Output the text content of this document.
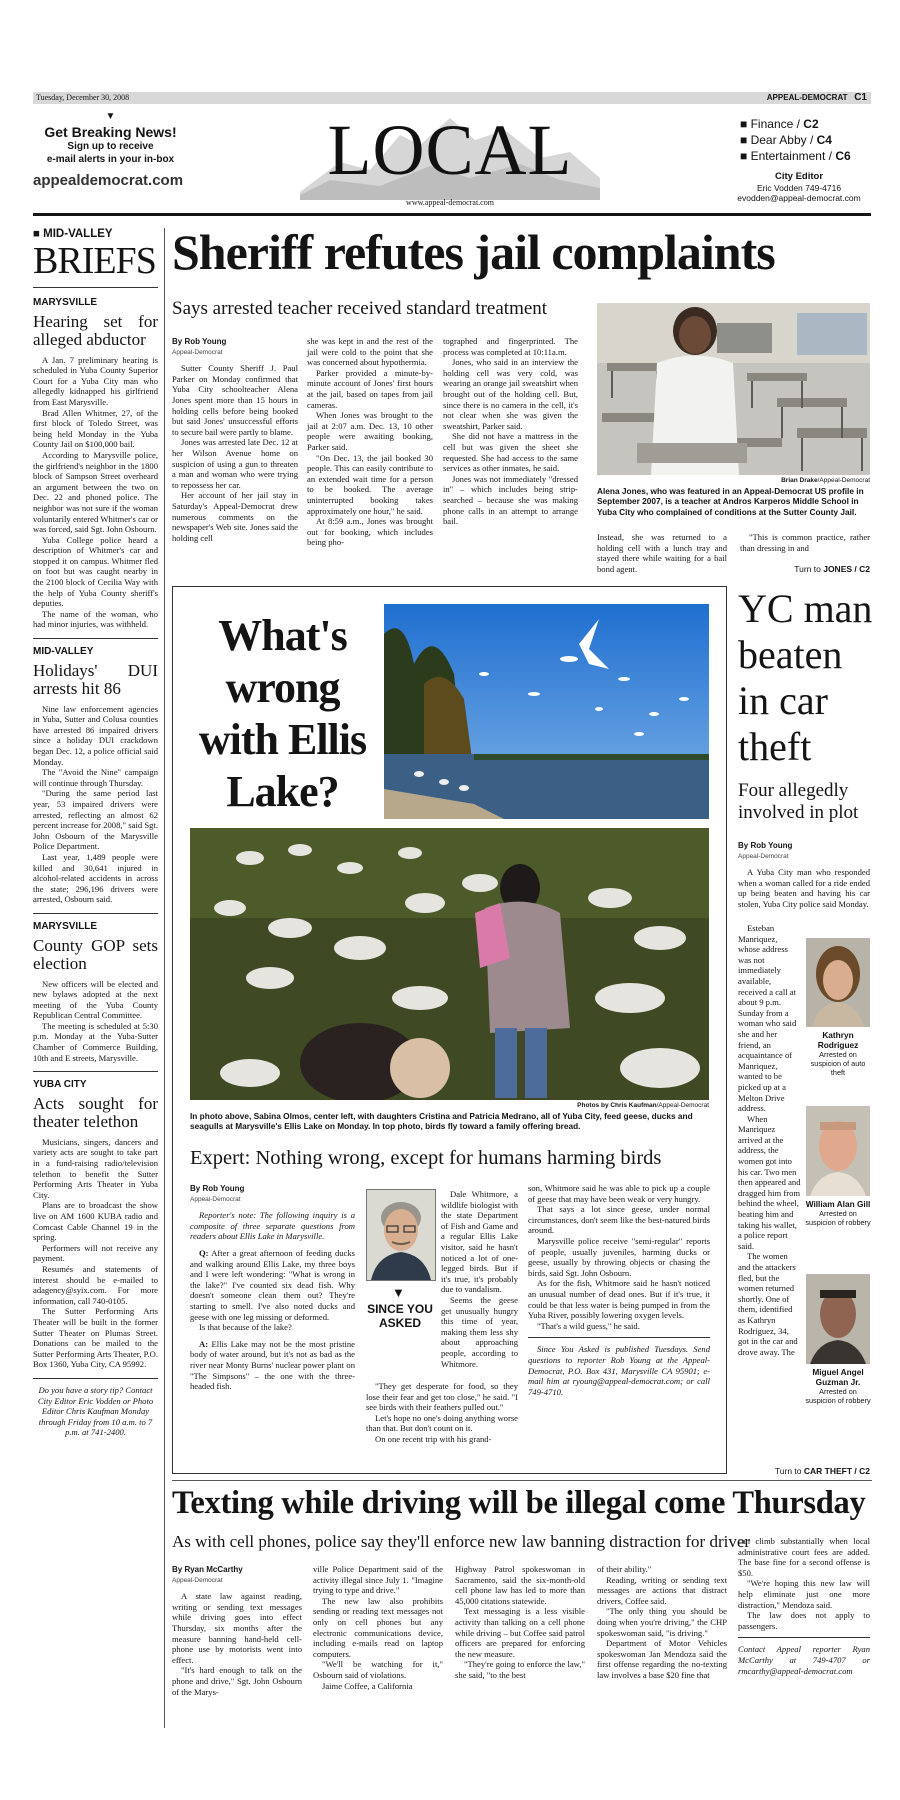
Tuesday, December 30, 2008	APPEAL-DEMOCRAT C1
▼
Get Breaking News!
Sign up to receive
e-mail alerts in your in-box
appealdemocrat.com	LOCAL
www.appeal-democrat.com
■ Finance / C2
■ Dear Abby / C4
■ Entertainment / C6
City Editor
Eric Vodden 749-4716
evodden@appeal-democrat.com
■ MID-VALLEY
BRIEFS
MARYSVILLE
Hearing set for alleged abductor

A Jan. 7 preliminary hearing is scheduled in Yuba County Superior Court for a Yuba City man who allegedly kidnapped his girlfriend from East Marysville.

Brad Allen Whitmer, 27, of the first block of Toledo Street, was being held Monday in the Yuba County Jail on $100,000 bail.

According to Marysville police, the girlfriend's neighbor in the 1800 block of Sampson Street overheard an argument between the two on Dec. 22 and phoned police. The neighbor was not sure if the woman voluntarily entered Whitmer's car or was forced, said Sgt. John Osbourn.

Yuba College police heard a description of Whitmer's car and stopped it on campus. Whitmer fled on foot but was caught nearby in the 2100 block of Cecilia Way with the help of Yuba County sheriff's deputies.

The name of the woman, who had minor injuries, was withheld.

MID-VALLEY
Holidays' DUI arrests hit 86

Nine law enforcement agencies in Yuba, Sutter and Colusa counties have arrested 86 impaired drivers since a holiday DUI crackdown began Dec. 12, a police official said Monday.

The "Avoid the Nine" campaign will continue through Thursday.

"During the same period last year, 53 impaired drivers were arrested, reflecting an almost 62 percent increase for 2008," said Sgt. John Osbourn of the Marysville Police Department.

Last year, 1,489 people were killed and 30,641 injured in alcohol-related accidents in across the state; 296,196 drivers were arrested, Osbourn said.

MARYSVILLE
County GOP sets election

New officers will be elected and new bylaws adopted at the next meeting of the Yuba County Republican Central Committee.

The meeting is scheduled at 5:30 p.m. Monday at the Yuba-Sutter Chamber of Commerce Building, 10th and E streets, Marysville.

YUBA CITY
Acts sought for theater telethon

Musicians, singers, dancers and variety acts are sought to take part in a fund-raising radio/television telethon to benefit the Sutter Performing Arts Theater in Yuba City.

Plans are to broadcast the show live on AM 1600 KUBA radio and Comcast Cable Channel 19 in the spring.

Performers will not receive any payment.

Resumés and statements of interest should be e-mailed to adagency@syix.com. For more information, call 740-0105.

The Sutter Performing Arts Theater will be built in the former Sutter Theater on Plumas Street. Donations can be mailed to the Sutter Performing Arts Theater, P.O. Box 1360, Yuba City, CA 95992.

Do you have a story tip? Contact City Editor Eric Vodden or Photo Editor Chris Kaufman Monday through Friday from 10 a.m. to 7 p.m. at 741-2400.
Sheriff refutes jail complaints
Says arrested teacher received standard treatment
By Rob Young
Appeal-Democrat

Sutter County Sheriff J. Paul Parker on Monday confirmed that Yuba City schoolteacher Alena Jones spent more than 15 hours in holding cells before being booked but said Jones' unsuccessful efforts to secure bail were partly to blame.

Jones was arrested late Dec. 12 at her Wilson Avenue home on suspicion of using a gun to threaten a man and woman who were trying to repossess her car.

Her account of her jail stay in Saturday's Appeal-Democrat drew numerous comments on the newspaper's Web site. Jones said the holding cell

she was kept in and the rest of the jail were cold to the point that she was concerned about hypothermia.

Parker provided a minute-by-minute account of Jones' first hours at the jail, based on tapes from jail cameras.

When Jones was brought to the jail at 2:07 a.m. Dec. 13, 10 other people were awaiting booking, Parker said.

"On Dec. 13, the jail booked 30 people. This can easily contribute to an extended wait time for a person to be booked. The average uninterrupted booking takes approximately one hour," he said.

At 8:59 a.m., Jones was brought out for booking, which includes being pho-

tographed and fingerprinted. The process was completed at 10:11a.m.

Jones, who said in an interview the holding cell was very cold, was wearing an orange jail sweatshirt when brought out of the holding cell. But, since there is no camera in the cell, it's not clear when she was given the sweatshirt, Parker said.

She did not have a mattress in the cell but was given the sheet she requested. She had access to the same services as other inmates, he said.

Jones was not immediately "dressed in" – which includes being strip-searched – because she was making phone calls in an attempt to arrange bail.

Brian Drake/Appeal-Democrat
Alena Jones, who was featured in an Appeal-Democrat US profile in September 2007, is a teacher at Andros Karperos Middle School in Yuba City who complained of conditions at the Sutter County Jail.

Instead, she was returned to a holding cell with a lunch tray and stayed there while waiting for a bail bond agent.

"This is common practice, rather than dressing in and

Turn to JONES / C2
What's wrong with Ellis Lake?
Photos by Chris Kaufman/Appeal-Democrat
In photo above, Sabina Olmos, center left, with daughters Cristina and Patricia Medrano, all of Yuba City, feed geese, ducks and seagulls at Marysville's Ellis Lake on Monday. In top photo, birds fly toward a family offering bread.
Expert: Nothing wrong, except for humans harming birds
By Rob Young
Appeal-Democrat

Reporter's note: The following inquiry is a composite of three separate questions from readers about Ellis Lake in Marysville.

Q: After a great afternoon of feeding ducks and walking around Ellis Lake, my three boys and I were left wondering: "What is wrong in the lake?" I've counted six dead fish. Why doesn't someone clean them out? They're starting to smell. I've also noted ducks and geese with one leg missing or deformed.

Is that because of the lake?

A: Ellis Lake may not be the most pristine body of water around, but it's not as bad as the river near Monty Burns' nuclear power plant on "The Simpsons" – the one with the three-headed fish.

▼
SINCE YOU ASKED

Dale Whitmore, a wildlife biologist with the state Department of Fish and Game and a regular Ellis Lake visitor, said he hasn't noticed a lot of one-legged birds. But if it's true, it's probably due to vandalism.

Seems the geese get unusually hungry this time of year, making them less shy about approaching people, according to Whitmore.

"They get desperate for food, so they lose their fear and get too close," he said. "I see birds with their feathers pulled out."

Let's hope no one's doing anything worse than that. But don't count on it.

On one recent trip with his grand-

son, Whitmore said he was able to pick up a couple of geese that may have been weak or very hungry.

That says a lot since geese, under normal circumstances, don't seem like the best-natured birds around.

Marysville police receive "semi-regular" reports of people, usually juveniles, harming ducks or geese, usually by throwing objects or chasing the birds, said Sgt. John Osbourn.

As for the fish, Whitmore said he hasn't noticed an unusual number of dead ones. But if it's true, it could be that less water is being pumped in from the Yuba River, possibly lowering oxygen levels.

"That's a wild guess," he said.

Since You Asked is published Tuesdays. Send questions to reporter Rob Young at the Appeal-Democrat, P.O. Box 431, Marysville CA 95901; e-mail him at ryoung@appeal-democrat.com; or call 749-4710.

YC man beaten in car theft
Four allegedly involved in plot
By Rob Young
Appeal-Democrat

A Yuba City man who responded when a woman called for a ride ended up being beaten and having his car stolen, Yuba City police said Monday.

Esteban Manriquez, whose address was not immediately available, received a call at about 9 p.m. Sunday from a woman who said she and her friend, an acquaintance of Manriquez, wanted to be picked up at a Melton Drive address.

When Manriquez arrived at the address, the women got into his car. Two men then appeared and dragged him from behind the wheel, beating him and taking his wallet, a police report said.

The women and the attackers fled, but the women returned shortly. One of them, identified as Kathryn Rodriguez, 34, got in the car and drove away. The

Kathryn Rodriguez
Arrested on suspicion of auto theft
William Alan Gill
Arrested on suspicion of robbery
Miguel Angel Guzman Jr.
Arrested on suspicion of robbery
Turn to CAR THEFT / C2
Texting while driving will be illegal come Thursday
As with cell phones, police say they'll enforce new law banning distraction for driver
By Ryan McCarthy
Appeal-Democrat

A state law against reading, writing or sending text messages while driving goes into effect Thursday, six months after the measure banning hand-held cell-phone use by motorists went into effect.

"It's hard enough to talk on the phone and drive," Sgt. John Osbourn of the Marys-

ville Police Department said of the activity illegal since July 1. "Imagine trying to type and drive."

The new law also prohibits sending or reading text messages not only on cell phones but any electronic communications device, including e-mails read on laptop computers.

"We'll be watching for it," Osbourn said of violations.

Jaime Coffee, a California

Highway Patrol spokeswoman in Sacramento, said the six-month-old cell phone law has led to more than 45,000 citations statewide.

Text messaging is a less visible activity than talking on a cell phone while driving – but Coffee said patrol officers are prepared for enforcing the new measure.

"They're going to enforce the law," she said, "to the best

of their ability."

Reading, writing or sending text messages are actions that distract drivers, Coffee said.

"The only thing you should be doing when you're driving," the CHP spokeswoman said, "is driving."

Department of Motor Vehicles spokeswoman Jan Mendoza said the first offense regarding the no-texting law involves a base $20 fine that

can climb substantially when local administrative court fees are added. The base fine for a second offense is $50.

"We're hoping this new law will help eliminate just one more distraction," Mendoza said.

The law does not apply to passengers.

Contact Appeal reporter Ryan McCarthy at 749-4707 or rmcarthy@appeal-democrat.com
